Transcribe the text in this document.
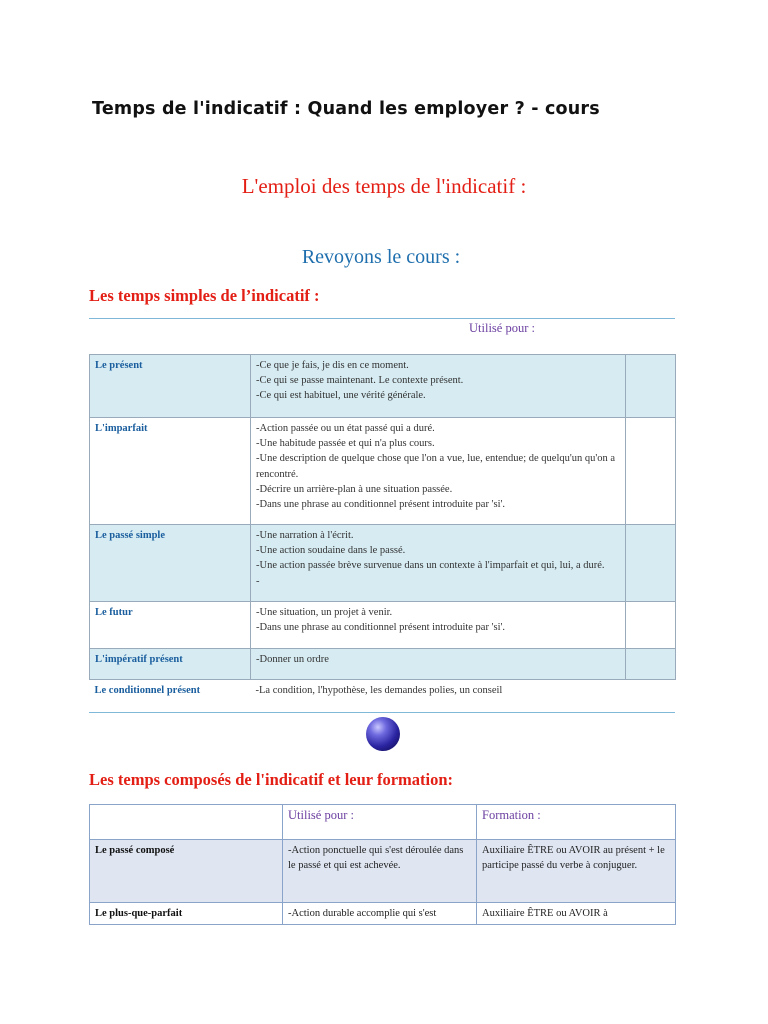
Temps de l'indicatif : Quand les employer ? - cours
L'emploi des temps de l'indicatif :
Revoyons le cours :
Les temps simples de l’indicatif :
Utilisé pour :
Le présent	-Ce que je fais, je dis en ce moment.
-Ce qui se passe maintenant. Le contexte présent.
-Ce qui est habituel, une vérité générale.	

L'imparfait	-Action passée ou un état passé qui a duré.
-Une habitude passée et qui n'a plus cours.
-Une description de quelque chose que l'on a vue, lue, entendue; de quelqu'un qu'on a rencontré.
-Décrire un arrière-plan à une situation passée.
-Dans une phrase au conditionnel présent introduite par 'si'.	

Le passé simple	-Une narration à l'écrit.
-Une action soudaine dans le passé.
-Une action passée brève survenue dans un contexte à l'imparfait et qui, lui, a duré.
-	

Le futur	-Une situation, un projet à venir.
-Dans une phrase au conditionnel présent introduite par 'si'.	

L'impératif présent	-Donner un ordre	

Le conditionnel présent	-La condition, l'hypothèse, les demandes polies, un conseil	

Les temps composés de l'indicatif et leur formation:
	Utilisé pour :	Formation :
Le passé composé	-Action ponctuelle qui s'est déroulée dans le passé et qui est achevée.	Auxiliaire ÊTRE ou AVOIR au présent + le participe passé du verbe à conjuguer.
Le plus-que-parfait	-Action durable accomplie qui s'est	Auxiliaire ÊTRE ou AVOIR à
